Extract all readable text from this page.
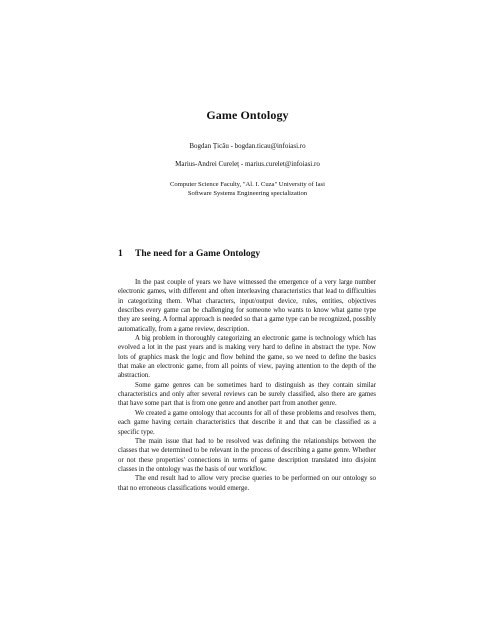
Game Ontology
Bogdan Țicău - bogdan.ticau@infoiasi.ro
Marius-Andrei Cureleț - marius.curelet@infoiasi.ro
Computer Science Faculty, "Al. I. Cuza" University of Iasi
Software Systems Engineering specialization
1 The need for a Game Ontology

In the past couple of years we have witnessed the emergence of a very large number electronic games, with different and often interleaving characteristics that lead to difficulties in categorizing them. What characters, input/output device, rules, entities, objectives describes every game can be challenging for someone who wants to know what game type they are seeing. A formal approach is needed so that a game type can be recognized, possibly automatically, from a game review, description.

A big problem in thoroughly categorizing an electronic game is technology which has evolved a lot in the past years and is making very hard to define in abstract the type. Now lots of graphics mask the logic and flow behind the game, so we need to define the basics that make an electronic game, from all points of view, paying attention to the depth of the abstraction.

Some game genres can be sometimes hard to distinguish as they contain similar characteristics and only after several reviews can be surely classified, also there are games that have some part that is from one genre and another part from another genre.

We created a game ontology that accounts for all of these problems and resolves them, each game having certain characteristics that describe it and that can be classified as a specific type.

The main issue that had to be resolved was defining the relationships between the classes that we determined to be relevant in the process of describing a game genre. Whether or not these properties' connections in terms of game description translated into disjoint classes in the ontology was the basis of our workflow.

The end result had to allow very precise queries to be performed on our ontology so that no erroneous classifications would emerge.
